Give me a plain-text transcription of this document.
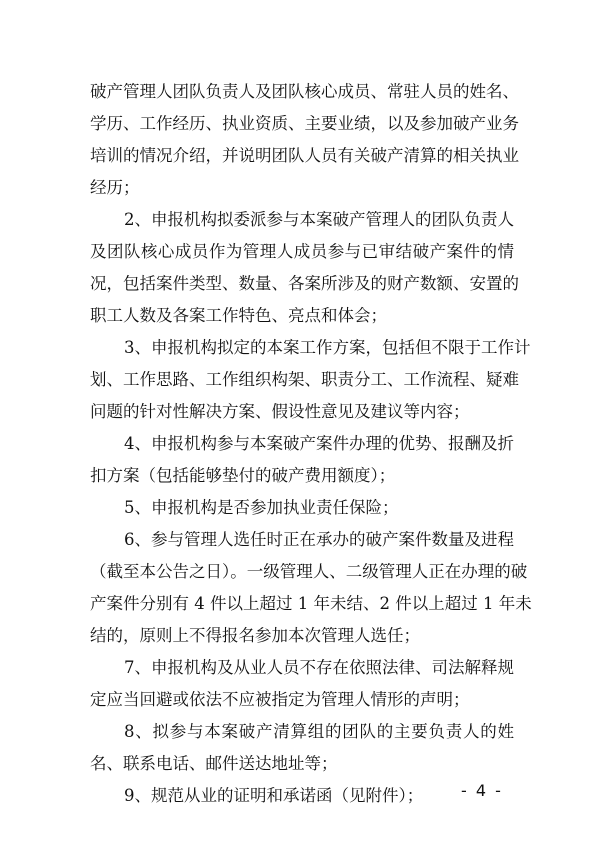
破产管理人团队负责人及团队核心成员、常驻人员的姓名、
学历、工作经历、执业资质、主要业绩，以及参加破产业务
培训的情况介绍，并说明团队人员有关破产清算的相关执业
经历；
2、申报机构拟委派参与本案破产管理人的团队负责人
及团队核心成员作为管理人成员参与已审结破产案件的情
况，包括案件类型、数量、各案所涉及的财产数额、安置的
职工人数及各案工作特色、亮点和体会；
3、申报机构拟定的本案工作方案，包括但不限于工作计
划、工作思路、工作组织构架、职责分工、工作流程、疑难
问题的针对性解决方案、假设性意见及建议等内容；
4、申报机构参与本案破产案件办理的优势、报酬及折
扣方案（包括能够垫付的破产费用额度）；
5、申报机构是否参加执业责任保险；
6、参与管理人选任时正在承办的破产案件数量及进程
（截至本公告之日）。一级管理人、二级管理人正在办理的破
产案件分别有 4 件以上超过 1 年未结、2 件以上超过 1 年未
结的，原则上不得报名参加本次管理人选任；
7、申报机构及从业人员不存在依照法律、司法解释规
定应当回避或依法不应被指定为管理人情形的声明；
8、拟参与本案破产清算组的团队的主要负责人的姓
名、联系电话、邮件送达地址等；
9、规范从业的证明和承诺函（见附件）；	- 4 -
